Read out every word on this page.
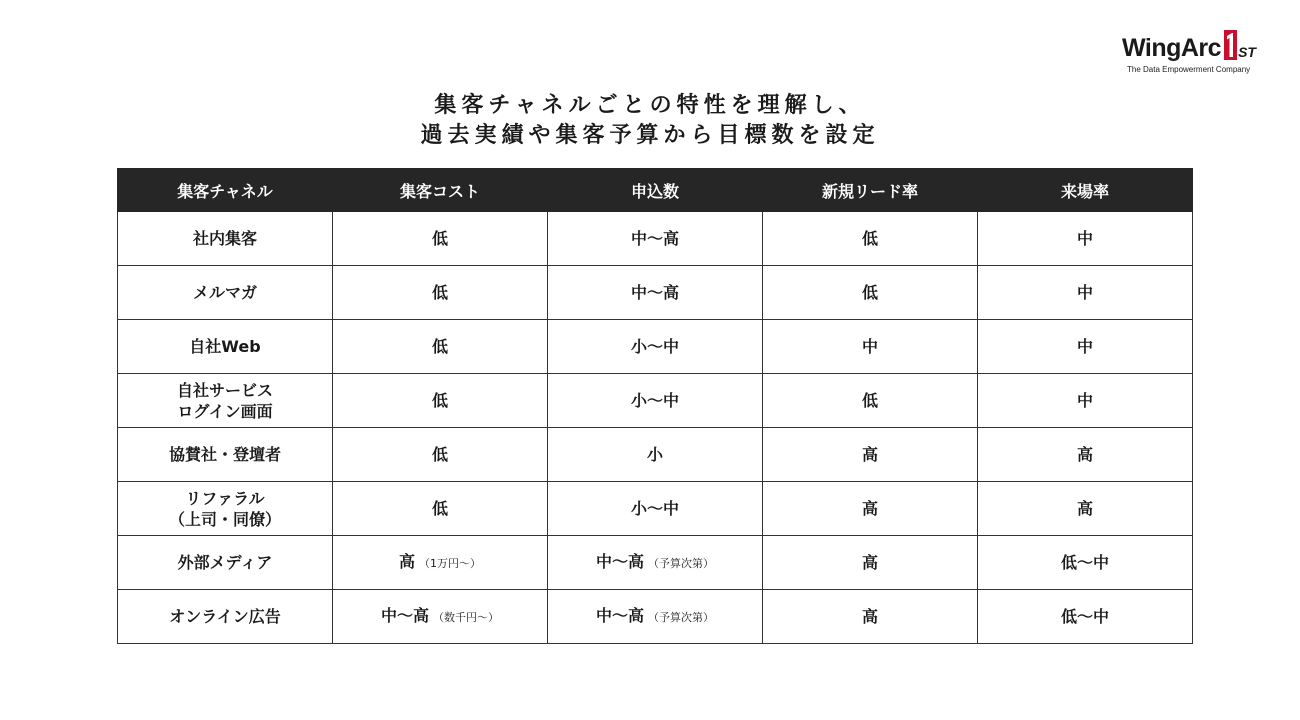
WingArc ST
The Data Empowerment Company
集客チャネルごとの特性を理解し、
過去実績や集客予算から目標数を設定
集客チャネル	集客コスト	申込数	新規リード率	来場率

社内集客	低	中～高	低	中

メルマガ	低	中～高	低	中

自社Web	低	小～中	中	中

自社サービス
ログイン画面	低	小～中	低	中

協賛社・登壇者	低	小	高	高

リファラル
（上司・同僚）	低	小～中	高	高

外部メディア	高 （1万円～）	中～高 （予算次第）	高	低～中

オンライン広告	中～高 （数千円～）	中～高 （予算次第）	高	低～中
